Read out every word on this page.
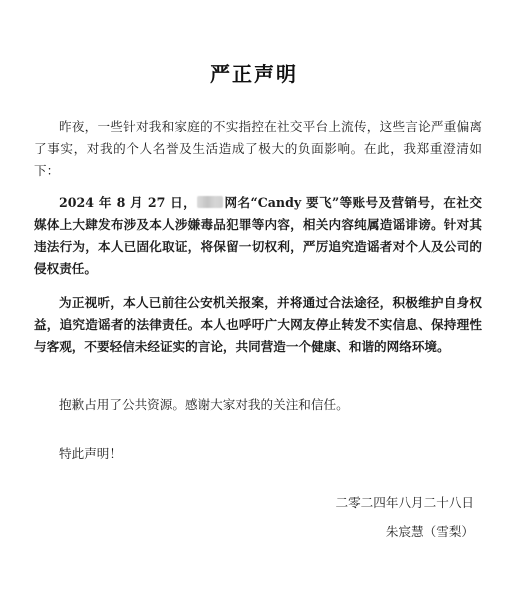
严正声明

昨夜，一些针对我和家庭的不实指控在社交平台上流传，这些言论严重偏离了事实，对我的个人名誉及生活造成了极大的负面影响。在此，我郑重澄清如下：

2024 年 8 月 27 日， 网名“Candy 要飞”等账号及营销号，在社交媒体上大肆发布涉及本人涉嫌毒品犯罪等内容，相关内容纯属造谣诽谤。针对其违法行为，本人已固化取证，将保留一切权利，严厉追究造谣者对个人及公司的侵权责任。

为正视听，本人已前往公安机关报案，并将通过合法途径，积极维护自身权益，追究造谣者的法律责任。本人也呼吁广大网友停止转发不实信息、保持理性与客观，不要轻信未经证实的言论，共同营造一个健康、和谐的网络环境。

抱歉占用了公共资源。感谢大家对我的关注和信任。

特此声明！

二零二四年八月二十八日

朱宸慧（雪梨）
